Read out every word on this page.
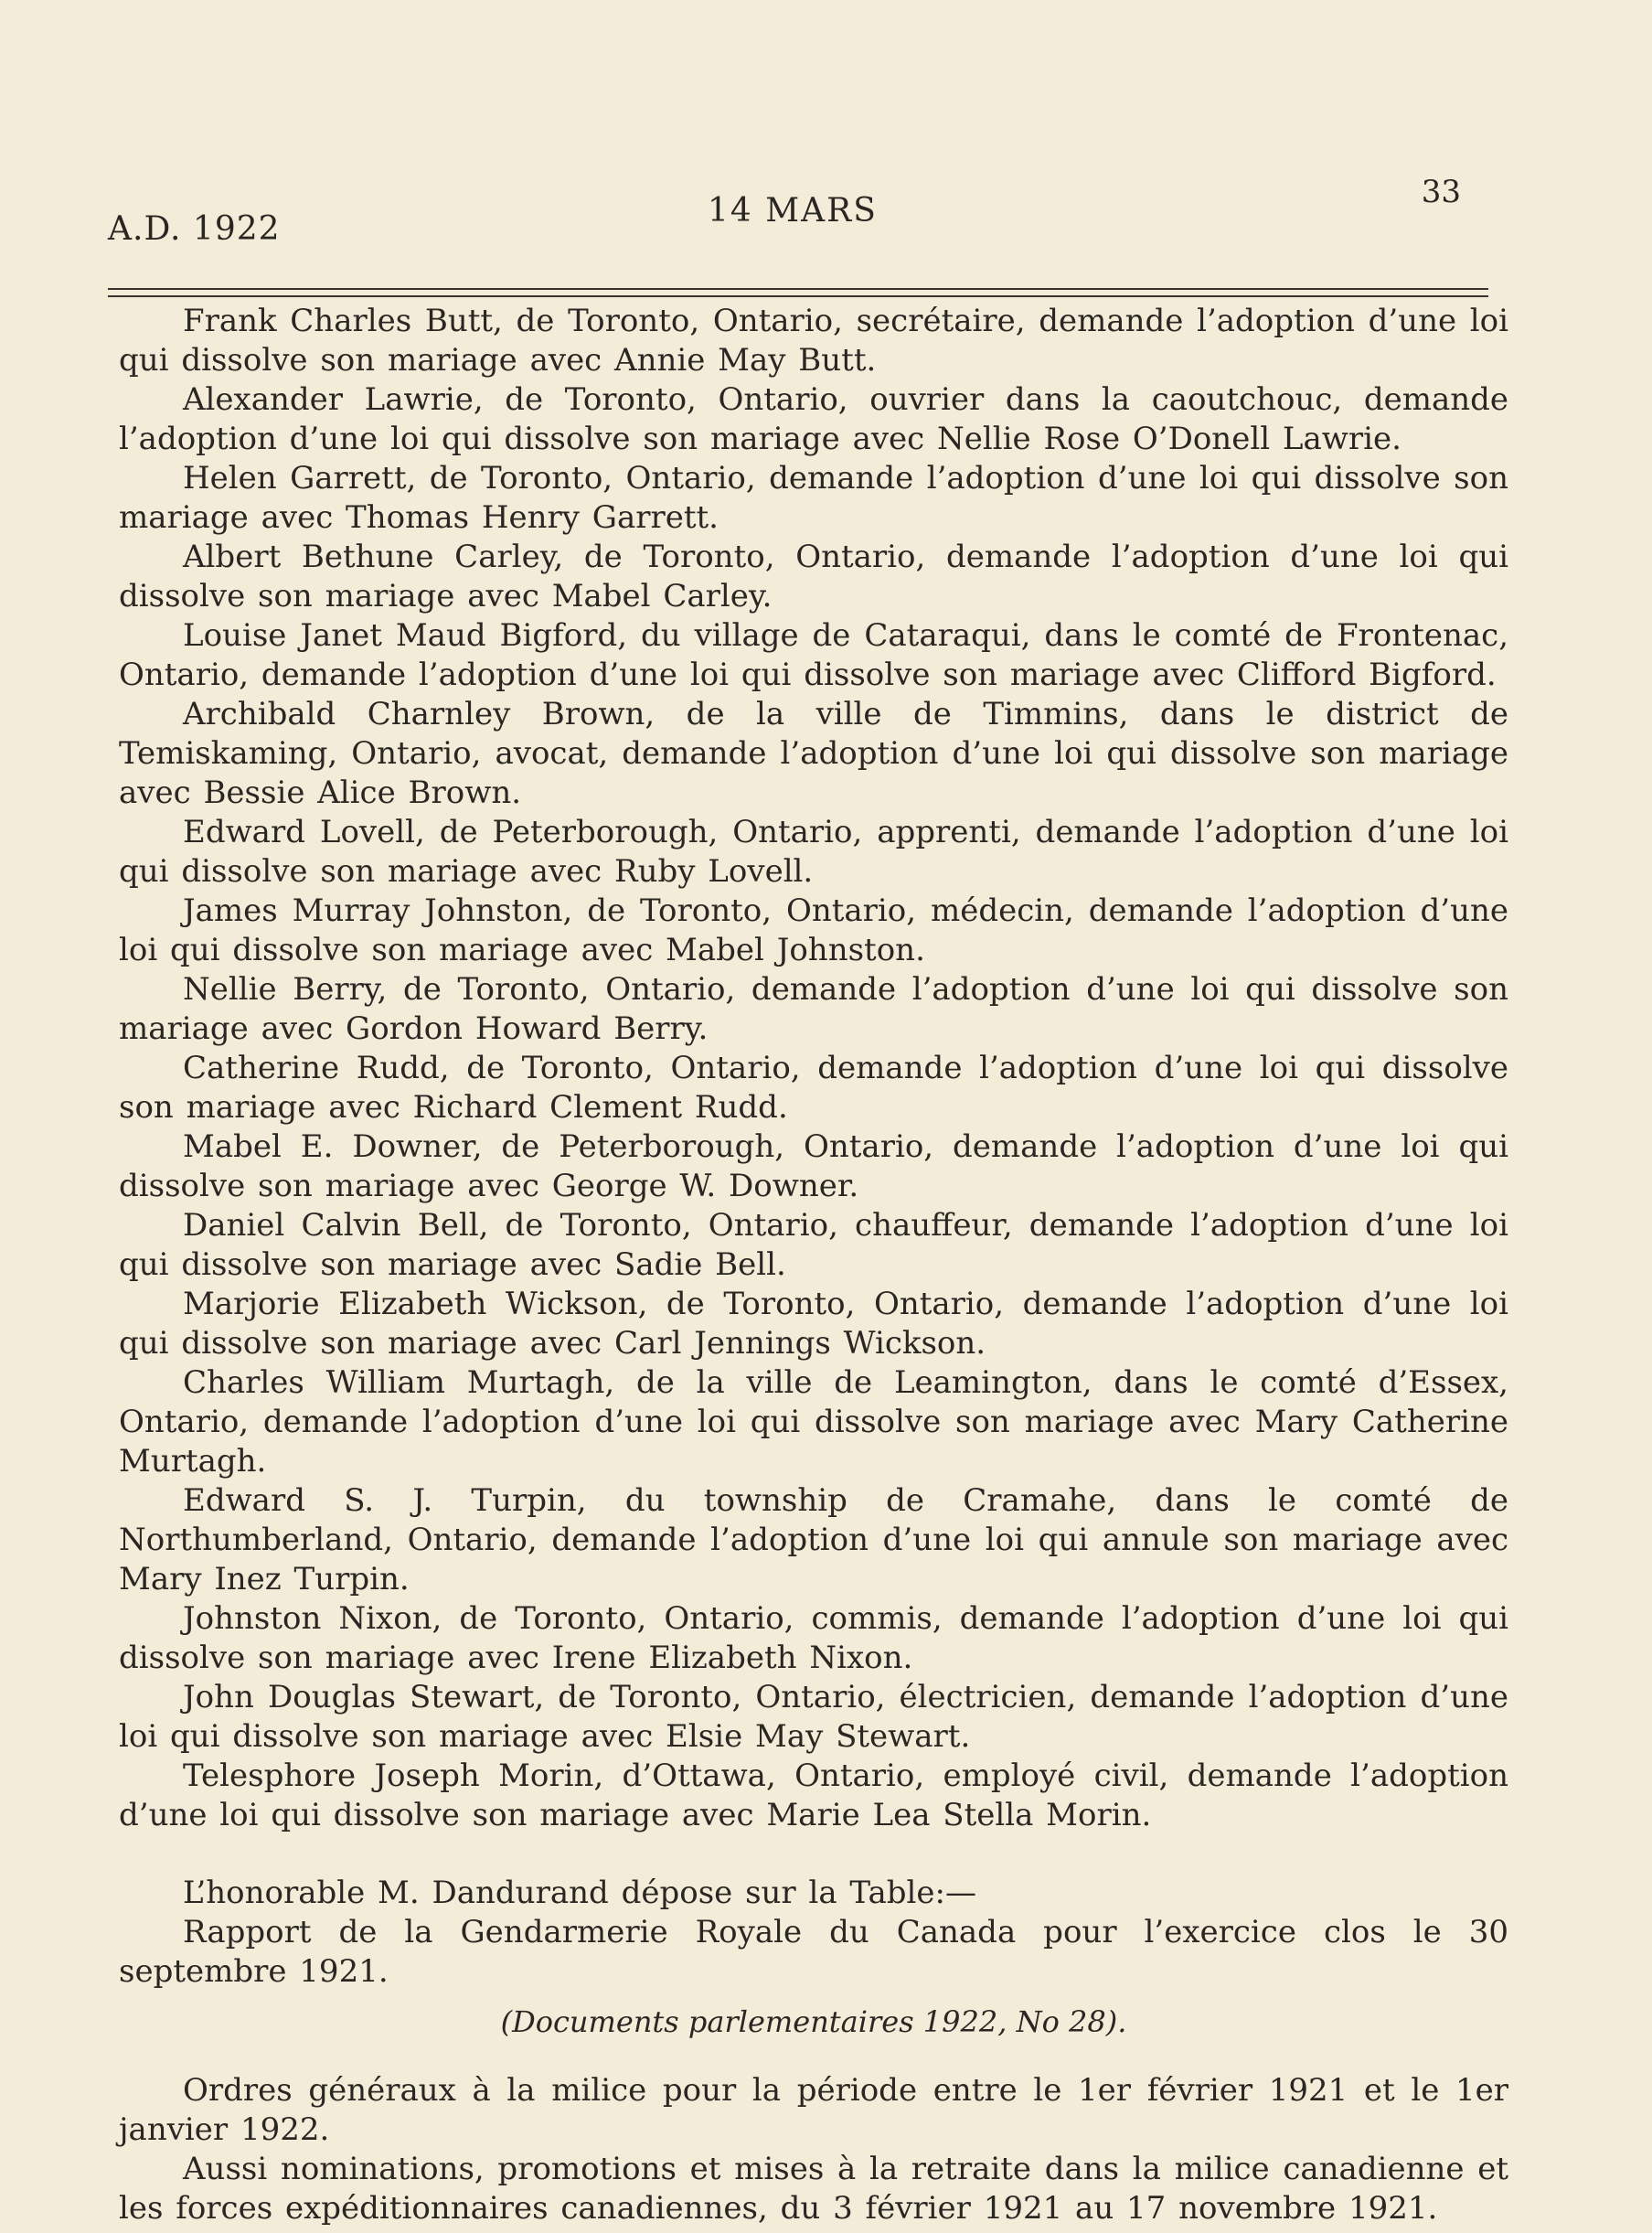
A.D. 1922	14 MARS	33

Frank Charles Butt, de Toronto, Ontario, secrétaire, demande l’adoption d’une loi qui dissolve son mariage avec Annie May Butt.

Alexander Lawrie, de Toronto, Ontario, ouvrier dans la caoutchouc, demande l’adoption d’une loi qui dissolve son mariage avec Nellie Rose O’Donell Lawrie.

Helen Garrett, de Toronto, Ontario, demande l’adoption d’une loi qui dissolve son mariage avec Thomas Henry Garrett.

Albert Bethune Carley, de Toronto, Ontario, demande l’adoption d’une loi qui dissolve son mariage avec Mabel Carley.

Louise Janet Maud Bigford, du village de Cataraqui, dans le comté de Frontenac, Ontario, demande l’adoption d’une loi qui dissolve son mariage avec Clifford Bigford.

Archibald Charnley Brown, de la ville de Timmins, dans le district de Temiskaming, Ontario, avocat, demande l’adoption d’une loi qui dissolve son mariage avec Bessie Alice Brown.

Edward Lovell, de Peterborough, Ontario, apprenti, demande l’adoption d’une loi qui dissolve son mariage avec Ruby Lovell.

James Murray Johnston, de Toronto, Ontario, médecin, demande l’adoption d’une loi qui dissolve son mariage avec Mabel Johnston.

Nellie Berry, de Toronto, Ontario, demande l’adoption d’une loi qui dissolve son mariage avec Gordon Howard Berry.

Catherine Rudd, de Toronto, Ontario, demande l’adoption d’une loi qui dissolve son mariage avec Richard Clement Rudd.

Mabel E. Downer, de Peterborough, Ontario, demande l’adoption d’une loi qui dissolve son mariage avec George W. Downer.

Daniel Calvin Bell, de Toronto, Ontario, chauffeur, demande l’adoption d’une loi qui dissolve son mariage avec Sadie Bell.

Marjorie Elizabeth Wickson, de Toronto, Ontario, demande l’adoption d’une loi qui dissolve son mariage avec Carl Jennings Wickson.

Charles William Murtagh, de la ville de Leamington, dans le comté d’Essex, Ontario, demande l’adoption d’une loi qui dissolve son mariage avec Mary Catherine Murtagh.

Edward S. J. Turpin, du township de Cramahe, dans le comté de Northumberland, Ontario, demande l’adoption d’une loi qui annule son mariage avec Mary Inez Turpin.

Johnston Nixon, de Toronto, Ontario, commis, demande l’adoption d’une loi qui dissolve son mariage avec Irene Elizabeth Nixon.

John Douglas Stewart, de Toronto, Ontario, électricien, demande l’adoption d’une loi qui dissolve son mariage avec Elsie May Stewart.

Telesphore Joseph Morin, d’Ottawa, Ontario, employé civil, demande l’adoption d’une loi qui dissolve son mariage avec Marie Lea Stella Morin.

L’honorable M. Dandurand dépose sur la Table:—

Rapport de la Gendarmerie Royale du Canada pour l’exercice clos le 30 septembre 1921.

(Documents parlementaires 1922, No 28).

Ordres généraux à la milice pour la période entre le 1er février 1921 et le 1er janvier 1922.

Aussi nominations, promotions et mises à la retraite dans la milice canadienne et les forces expéditionnaires canadiennes, du 3 février 1921 au 17 novembre 1921.
